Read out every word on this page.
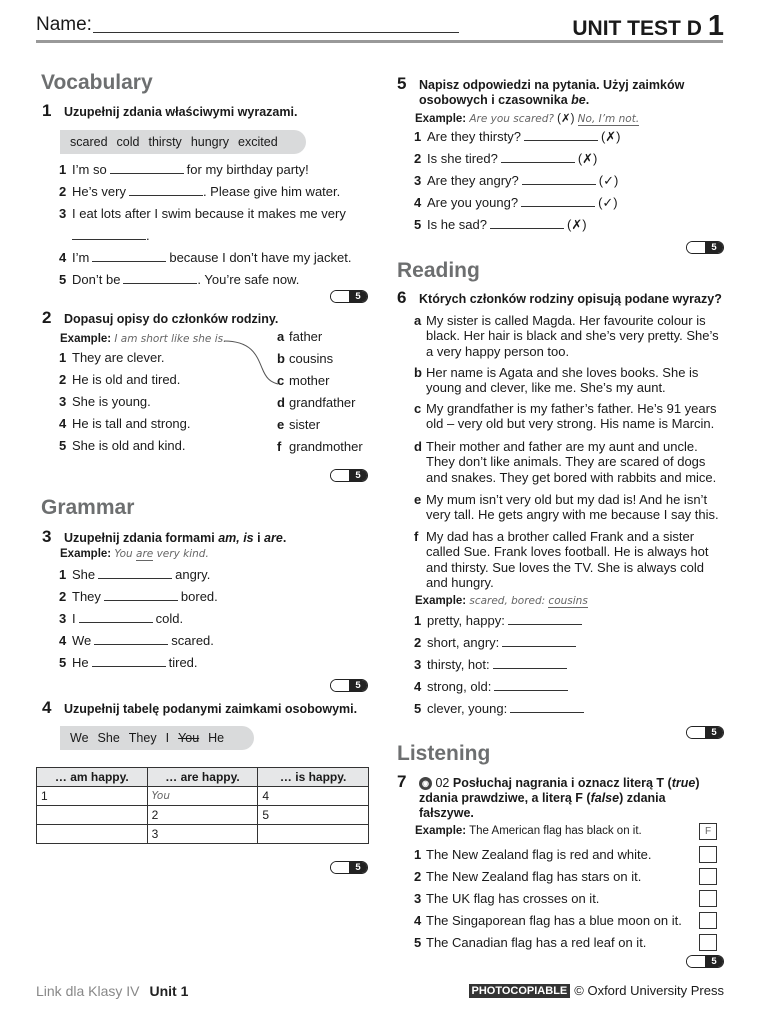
Name:	UNIT TEST D 1
Vocabulary
1	Uzupełnij zdania właściwymi wyrazami.
scared cold thirsty hungry excited
1 I’m so	for my birthday party!
2 He’s very	. Please give him water.
3 I eat lots after I swim because it makes me very
.
4 I’m	because I don’t have my jacket.
5 Don’t be	. You’re safe now.
5
2	Dopasuj opisy do członków rodziny.
Example: I am short like she is.
1 They are clever.
2 He is old and tired.
3 She is young.
4 He is tall and strong.
5 She is old and kind.
a father
b cousins
c mother
d grandfather
e sister
f grandmother
5
Grammar
3	Uzupełnij zdania formami am, is i are.
Example: You are very kind.
1 She	angry.
2 They	bored.
3 I	cold.
4 We	scared.
5 He	tired.
5
4	Uzupełnij tabelę podanymi zaimkami osobowymi.
We She They I You He
… am happy.	… are happy.	… is happy.
1	You	4
	2	5
	3	
5
5	Napisz odpowiedzi na pytania. Użyj zaimków osobowych i czasownika be.
Example: Are you scared? (✗) No, I’m not.
1 Are they thirsty?	(✗)
2 Is she tired?	(✗)
3 Are they angry?	(✓)
4 Are you young?	(✓)
5 Is he sad?	(✗)
5
Reading
6	Których członków rodziny opisują podane wyrazy?
a My sister is called Magda. Her favourite colour is black. Her hair is black and she’s very pretty. She’s a very happy person too.
b Her name is Agata and she loves books. She is young and clever, like me. She’s my aunt.
c My grandfather is my father’s father. He’s 91 years old – very old but very strong. His name is Marcin.
d Their mother and father are my aunt and uncle. They don’t like animals. They are scared of dogs and snakes. They get bored with rabbits and mice.
e My mum isn’t very old but my dad is! And he isn’t very tall. He gets angry with me because I say this.
f My dad has a brother called Frank and a sister called Sue. Frank loves football. He is always hot and thirsty. Sue loves the TV. She is always cold and hungry.
Example: scared, bored: cousins
1 pretty, happy:
2 short, angry:
3 thirsty, hot:
4 strong, old:
5 clever, young:
5
Listening
7	◉ 02 Posłuchaj nagrania i oznacz literą T (true) zdania prawdziwe, a literą F (false) zdania fałszywe.
Example: The American flag has black on it.	F
1 The New Zealand flag is red and white.
2 The New Zealand flag has stars on it.
3 The UK flag has crosses on it.
4 The Singaporean flag has a blue moon on it.
5 The Canadian flag has a red leaf on it.
5
Link dla Klasy IV Unit 1	PHOTOCOPIABLE © Oxford University Press
